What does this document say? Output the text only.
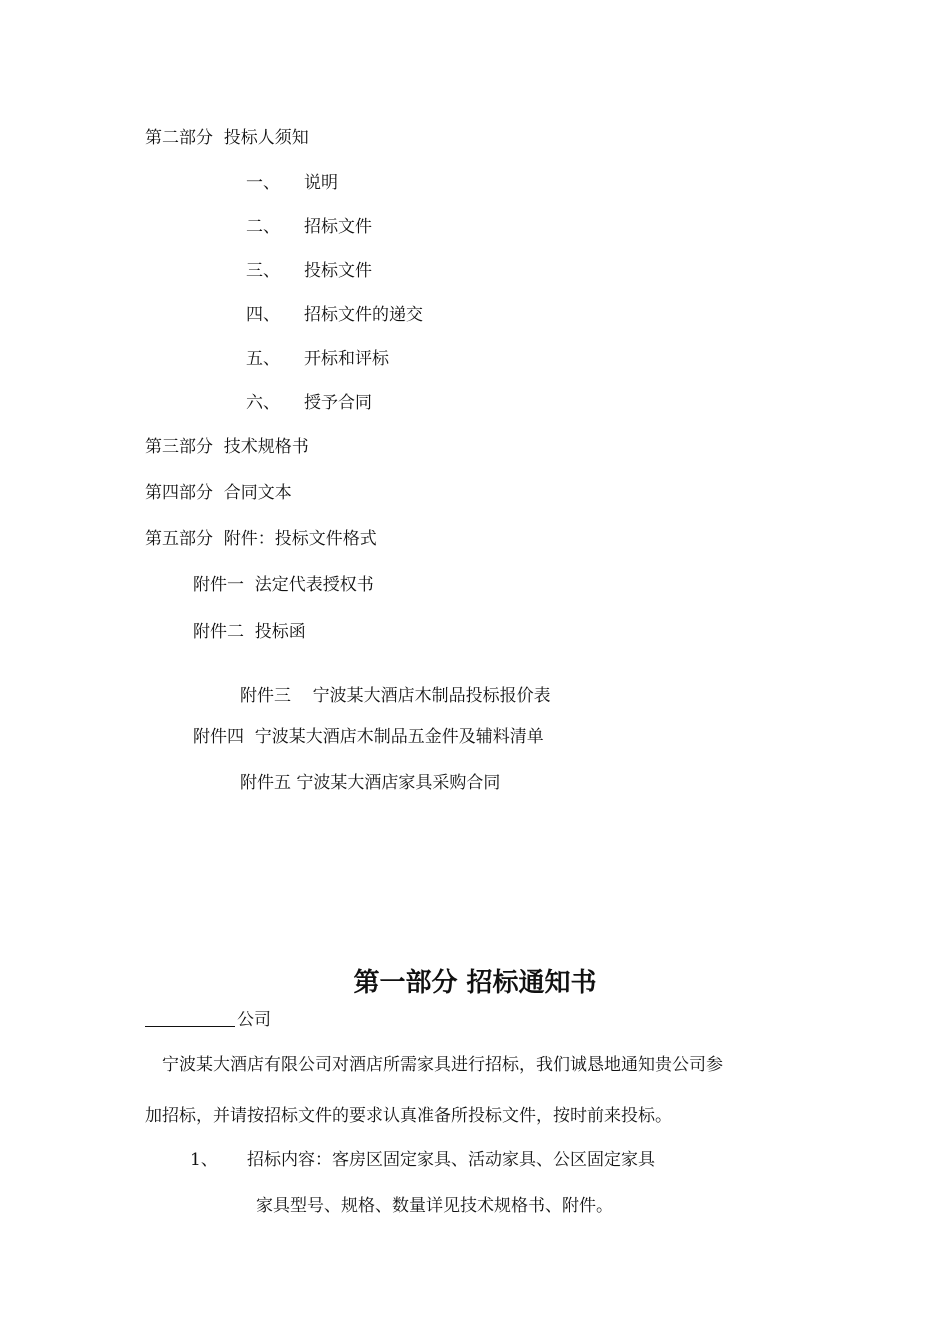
第二部分  投标人须知
一、 说明
二、 招标文件
三、 投标文件
四、 招标文件的递交
五、 开标和评标
六、 授予合同
第三部分  技术规格书
第四部分  合同文本
第五部分  附件：投标文件格式
附件一  法定代表授权书
附件二  投标函
附件三    宁波某大酒店木制品投标报价表
附件四  宁波某大酒店木制品五金件及辅料清单
附件五 宁波某大酒店家具采购合同
第一部分 招标通知书
公司
宁波某大酒店有限公司对酒店所需家具进行招标，我们诚恳地通知贵公司参
加招标，并请按招标文件的要求认真准备所投标文件，按时前来投标。
1、 招标内容：客房区固定家具、活动家具、公区固定家具
家具型号、规格、数量详见技术规格书、附件。
